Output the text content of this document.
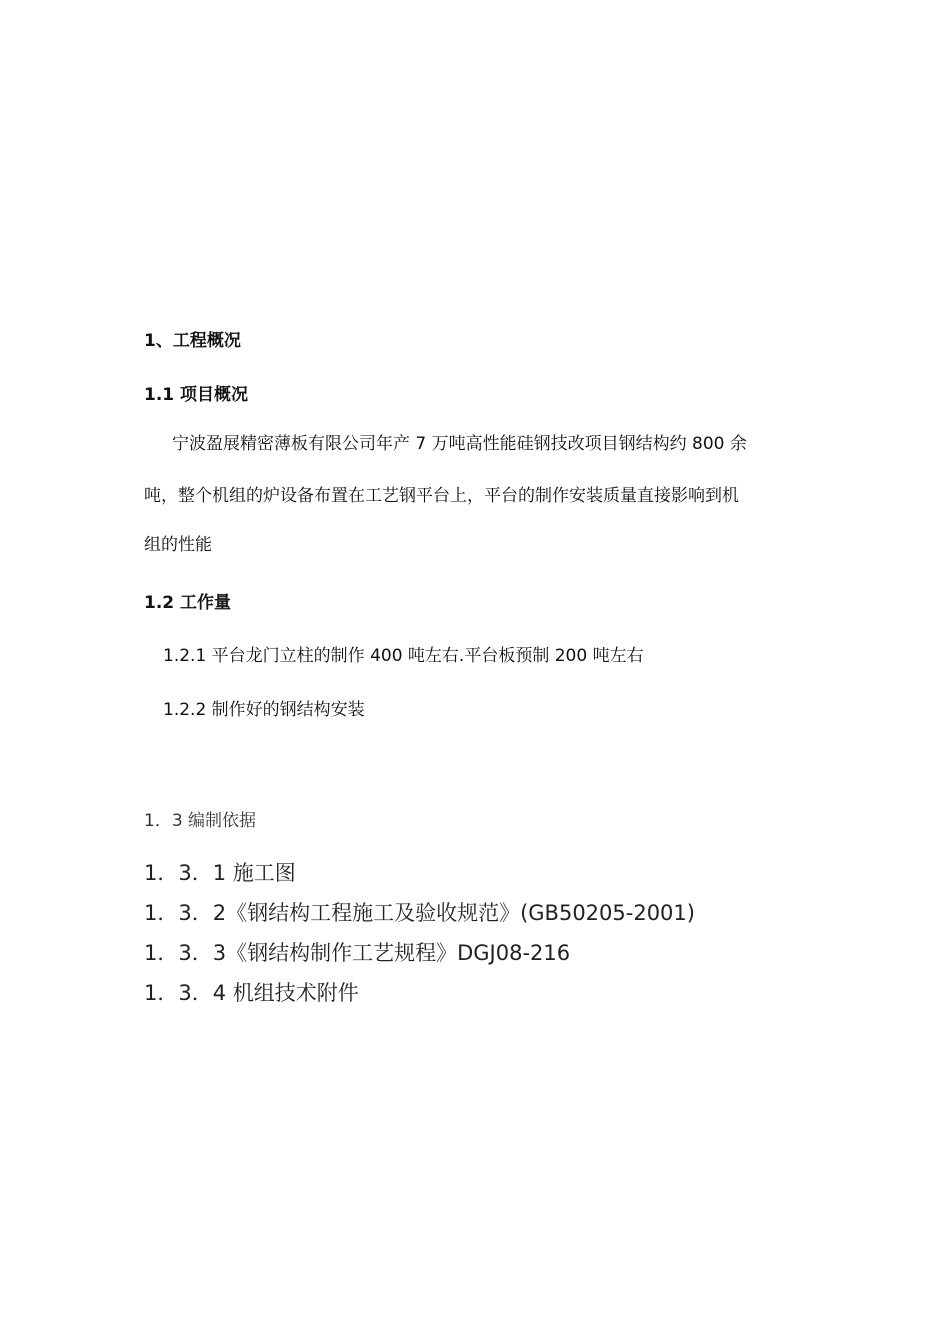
1、工程概况

1.1 项目概况

宁波盈展精密薄板有限公司年产 7 万吨高性能硅钢技改项目钢结构约 800 余

吨，整个机组的炉设备布置在工艺钢平台上，平台的制作安装质量直接影响到机

组的性能

1.2 工作量

1.2.1 平台龙门立柱的制作 400 吨左右.平台板预制 200 吨左右

1.2.2 制作好的钢结构安装

1．3 编制依据

1．3．1 施工图

1．3．2《钢结构工程施工及验收规范》(GB50205-2001)

1．3．3《钢结构制作工艺规程》DGJ08-216

1．3．4 机组技术附件
